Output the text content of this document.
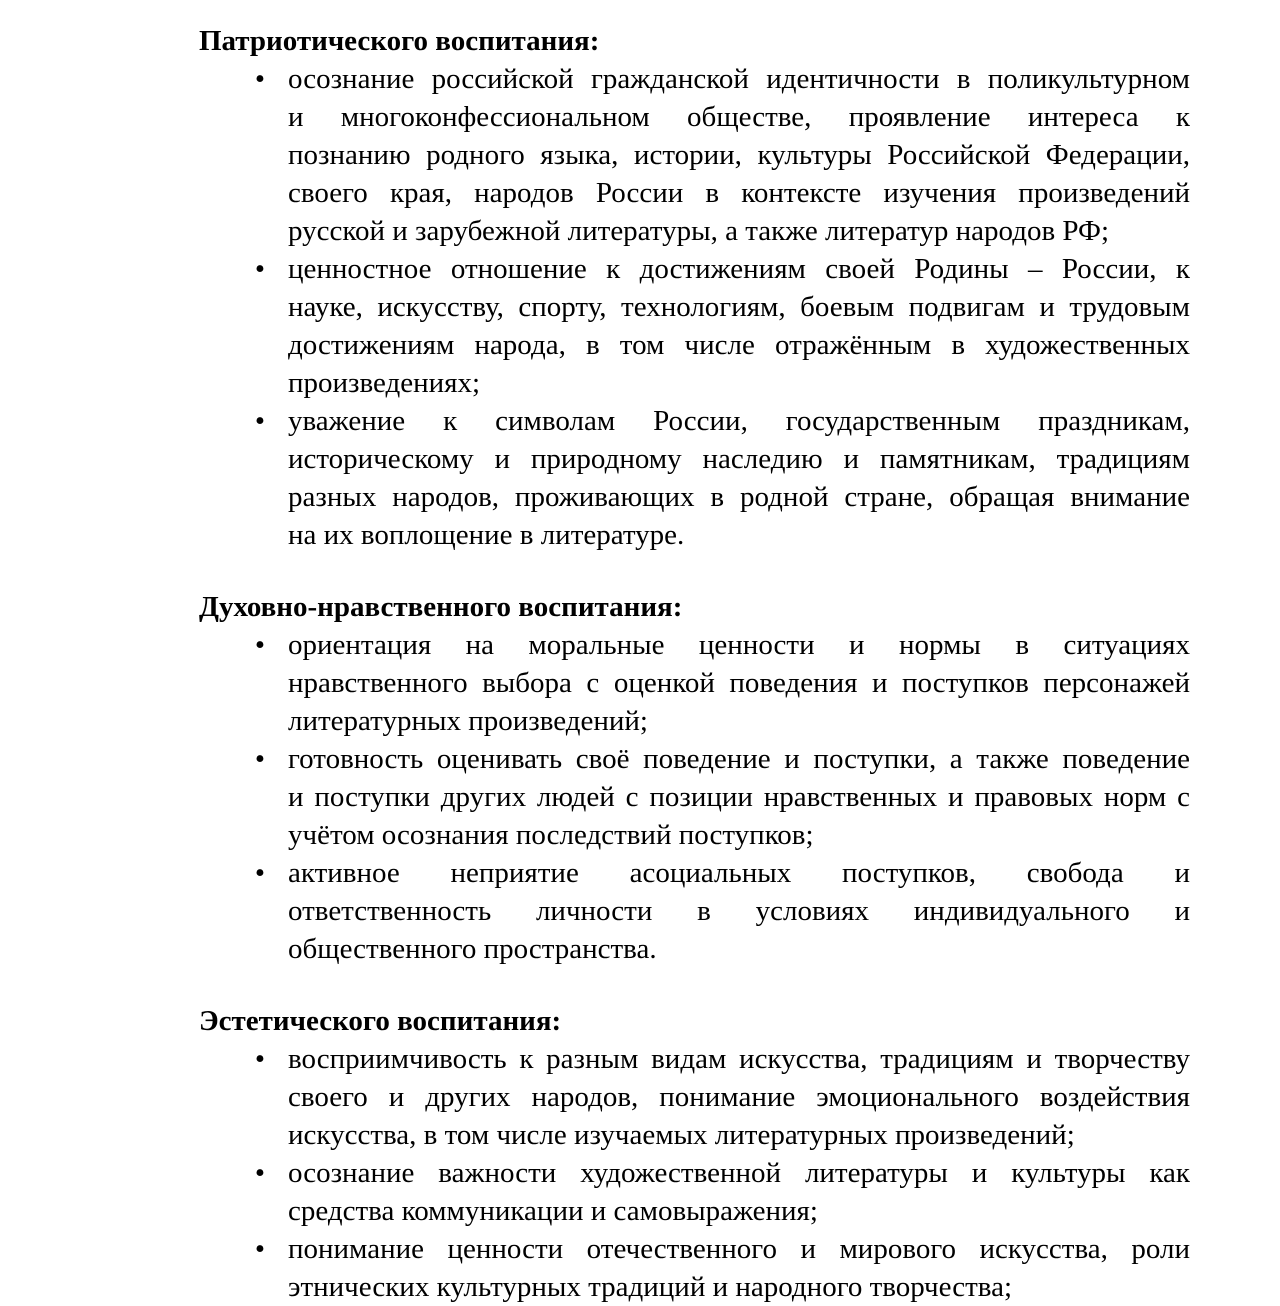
Патриотического воспитания:
• осознание российской гражданской идентичности в поликультурном
и многоконфессиональном обществе, проявление интереса к
познанию родного языка, истории, культуры Российской Федерации,
своего края, народов России в контексте изучения произведений
русской и зарубежной литературы, а также литератур народов РФ;
• ценностное отношение к достижениям своей Родины – России, к
науке, искусству, спорту, технологиям, боевым подвигам и трудовым
достижениям народа, в том числе отражённым в художественных
произведениях;
• уважение к символам России, государственным праздникам,
историческому и природному наследию и памятникам, традициям
разных народов, проживающих в родной стране, обращая внимание
на их воплощение в литературе.
Духовно-нравственного воспитания:
• ориентация на моральные ценности и нормы в ситуациях
нравственного выбора с оценкой поведения и поступков персонажей
литературных произведений;
• готовность оценивать своё поведение и поступки, а также поведение
и поступки других людей с позиции нравственных и правовых норм с
учётом осознания последствий поступков;
• активное неприятие асоциальных поступков, свобода и
ответственность личности в условиях индивидуального и
общественного пространства.
Эстетического воспитания:
• восприимчивость к разным видам искусства, традициям и творчеству
своего и других народов, понимание эмоционального воздействия
искусства, в том числе изучаемых литературных произведений;
• осознание важности художественной литературы и культуры как
средства коммуникации и самовыражения;
• понимание ценности отечественного и мирового искусства, роли
этнических культурных традиций и народного творчества;
